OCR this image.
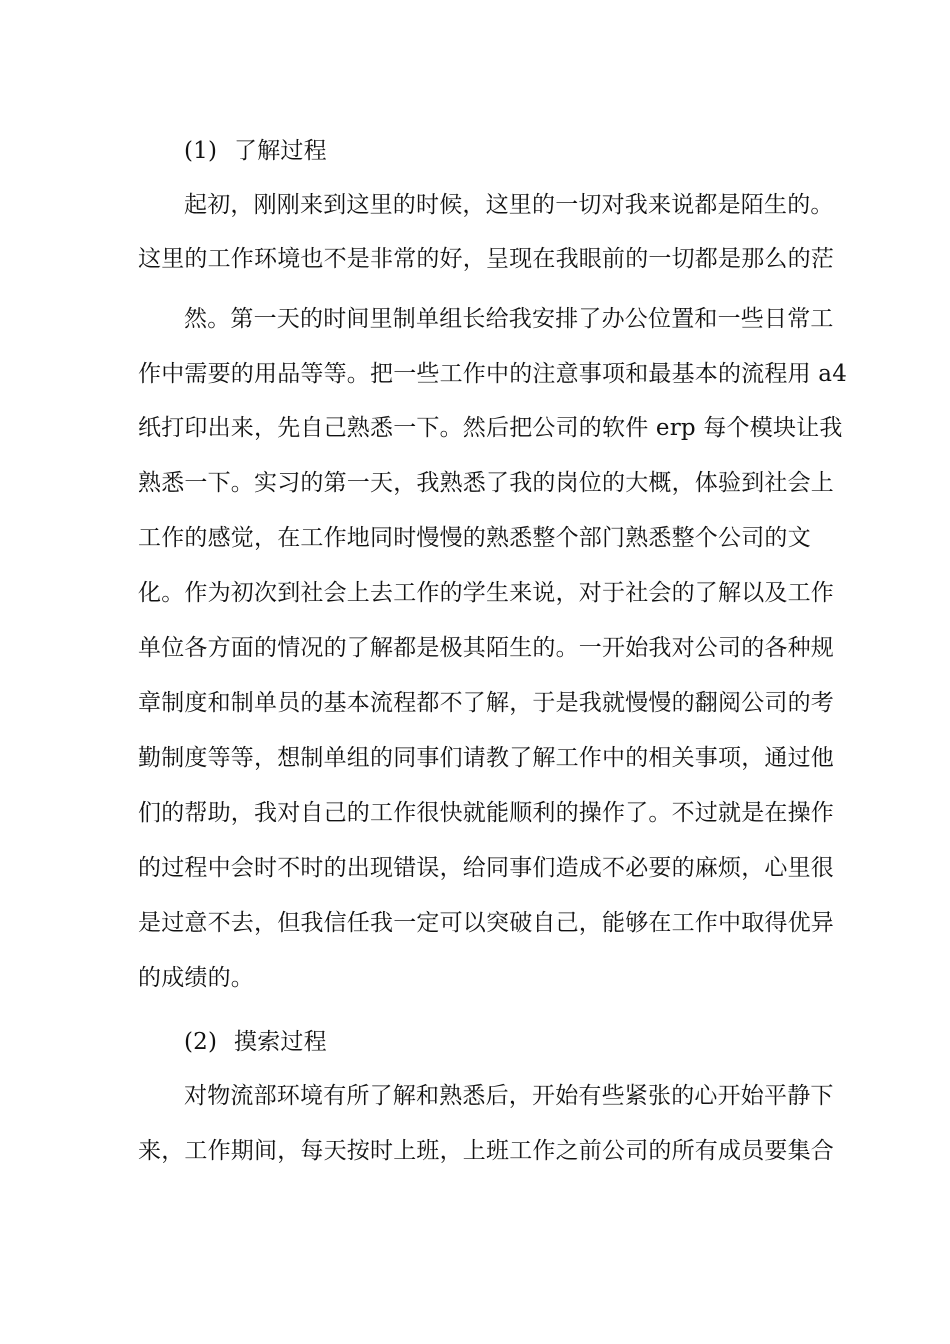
(1) 了解过程
起初，刚刚来到这里的时候，这里的一切对我来说都是陌生的。
这里的工作环境也不是非常的好，呈现在我眼前的一切都是那么的茫
然。第一天的时间里制单组长给我安排了办公位置和一些日常工
作中需要的用品等等。把一些工作中的注意事项和最基本的流程用 a4
纸打印出来，先自己熟悉一下。然后把公司的软件 erp 每个模块让我
熟悉一下。实习的第一天，我熟悉了我的岗位的大概，体验到社会上
工作的感觉，在工作地同时慢慢的熟悉整个部门熟悉整个公司的文
化。作为初次到社会上去工作的学生来说，对于社会的了解以及工作
单位各方面的情况的了解都是极其陌生的。一开始我对公司的各种规
章制度和制单员的基本流程都不了解，于是我就慢慢的翻阅公司的考
勤制度等等，想制单组的同事们请教了解工作中的相关事项，通过他
们的帮助，我对自己的工作很快就能顺利的操作了。不过就是在操作
的过程中会时不时的出现错误，给同事们造成不必要的麻烦，心里很
是过意不去，但我信任我一定可以突破自己，能够在工作中取得优异
的成绩的。
(2) 摸索过程
对物流部环境有所了解和熟悉后，开始有些紧张的心开始平静下
来，工作期间，每天按时上班，上班工作之前公司的所有成员要集合
